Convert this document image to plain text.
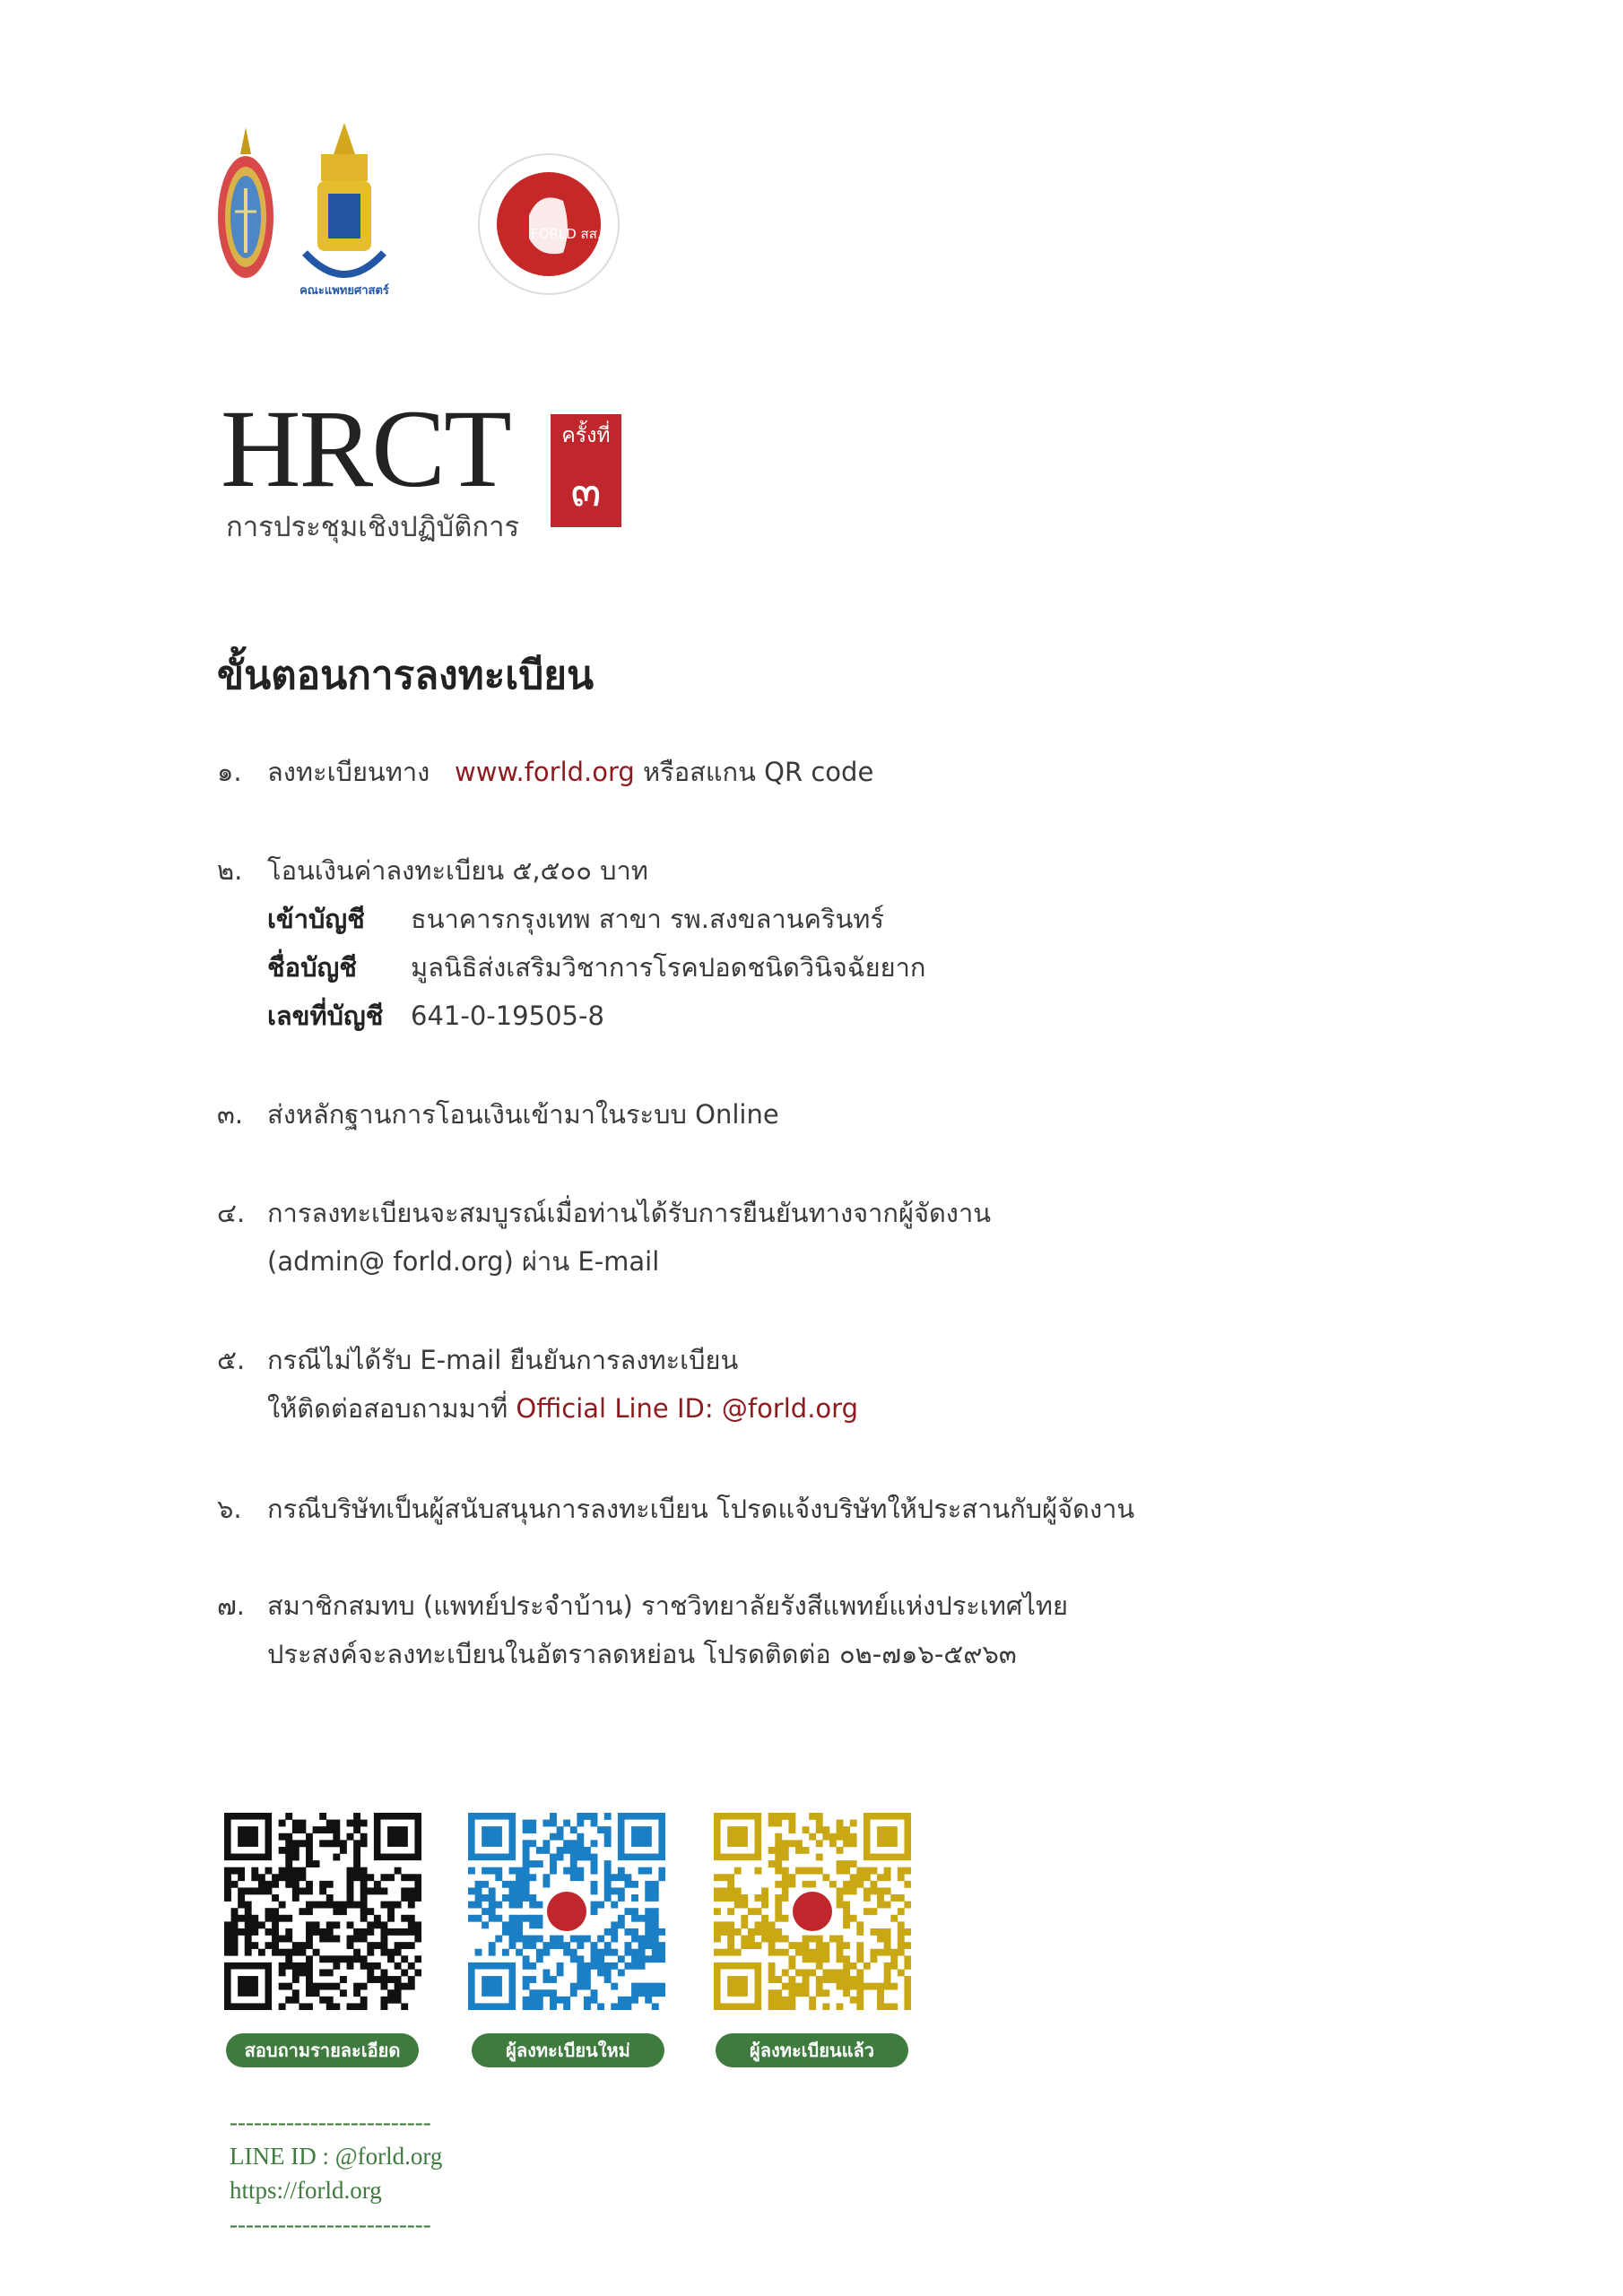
คณะแพทยศาสตร์
FORLD สส.ป
HRCT
การประชุมเชิงปฏิบัติการ
ครั้งที่
๓
ขั้นตอนการลงทะเบียน
๑. ลงทะเบียนทาง www.forld.org หรือสแกน QR code
๒. โอนเงินค่าลงทะเบียน ๕,๕๐๐ บาท
เข้าบัญชี ธนาคารกรุงเทพ สาขา รพ.สงขลานครินทร์
ชื่อบัญชี มูลนิธิส่งเสริมวิชาการโรคปอดชนิดวินิจฉัยยาก
เลขที่บัญชี 641-0-19505-8
๓. ส่งหลักฐานการโอนเงินเข้ามาในระบบ Online
๔. การลงทะเบียนจะสมบูรณ์เมื่อท่านได้รับการยืนยันทางจากผู้จัดงาน
(admin@ forld.org) ผ่าน E-mail
๕. กรณีไม่ได้รับ E-mail ยืนยันการลงทะเบียน
ให้ติดต่อสอบถามมาที่ Official Line ID: @forld.org
๖. กรณีบริษัทเป็นผู้สนับสนุนการลงทะเบียน โปรดแจ้งบริษัทให้ประสานกับผู้จัดงาน
๗. สมาชิกสมทบ (แพทย์ประจำบ้าน) ราชวิทยาลัยรังสีแพทย์แห่งประเทศไทย
ประสงค์จะลงทะเบียนในอัตราลดหย่อน โปรดติดต่อ ๐๒-๗๑๖-๕๙๖๓
สอบถามรายละเอียด	ผู้ลงทะเบียนใหม่	ผู้ลงทะเบียนแล้ว
-------------------------
LINE ID : @forld.org
https://forld.org
-------------------------
